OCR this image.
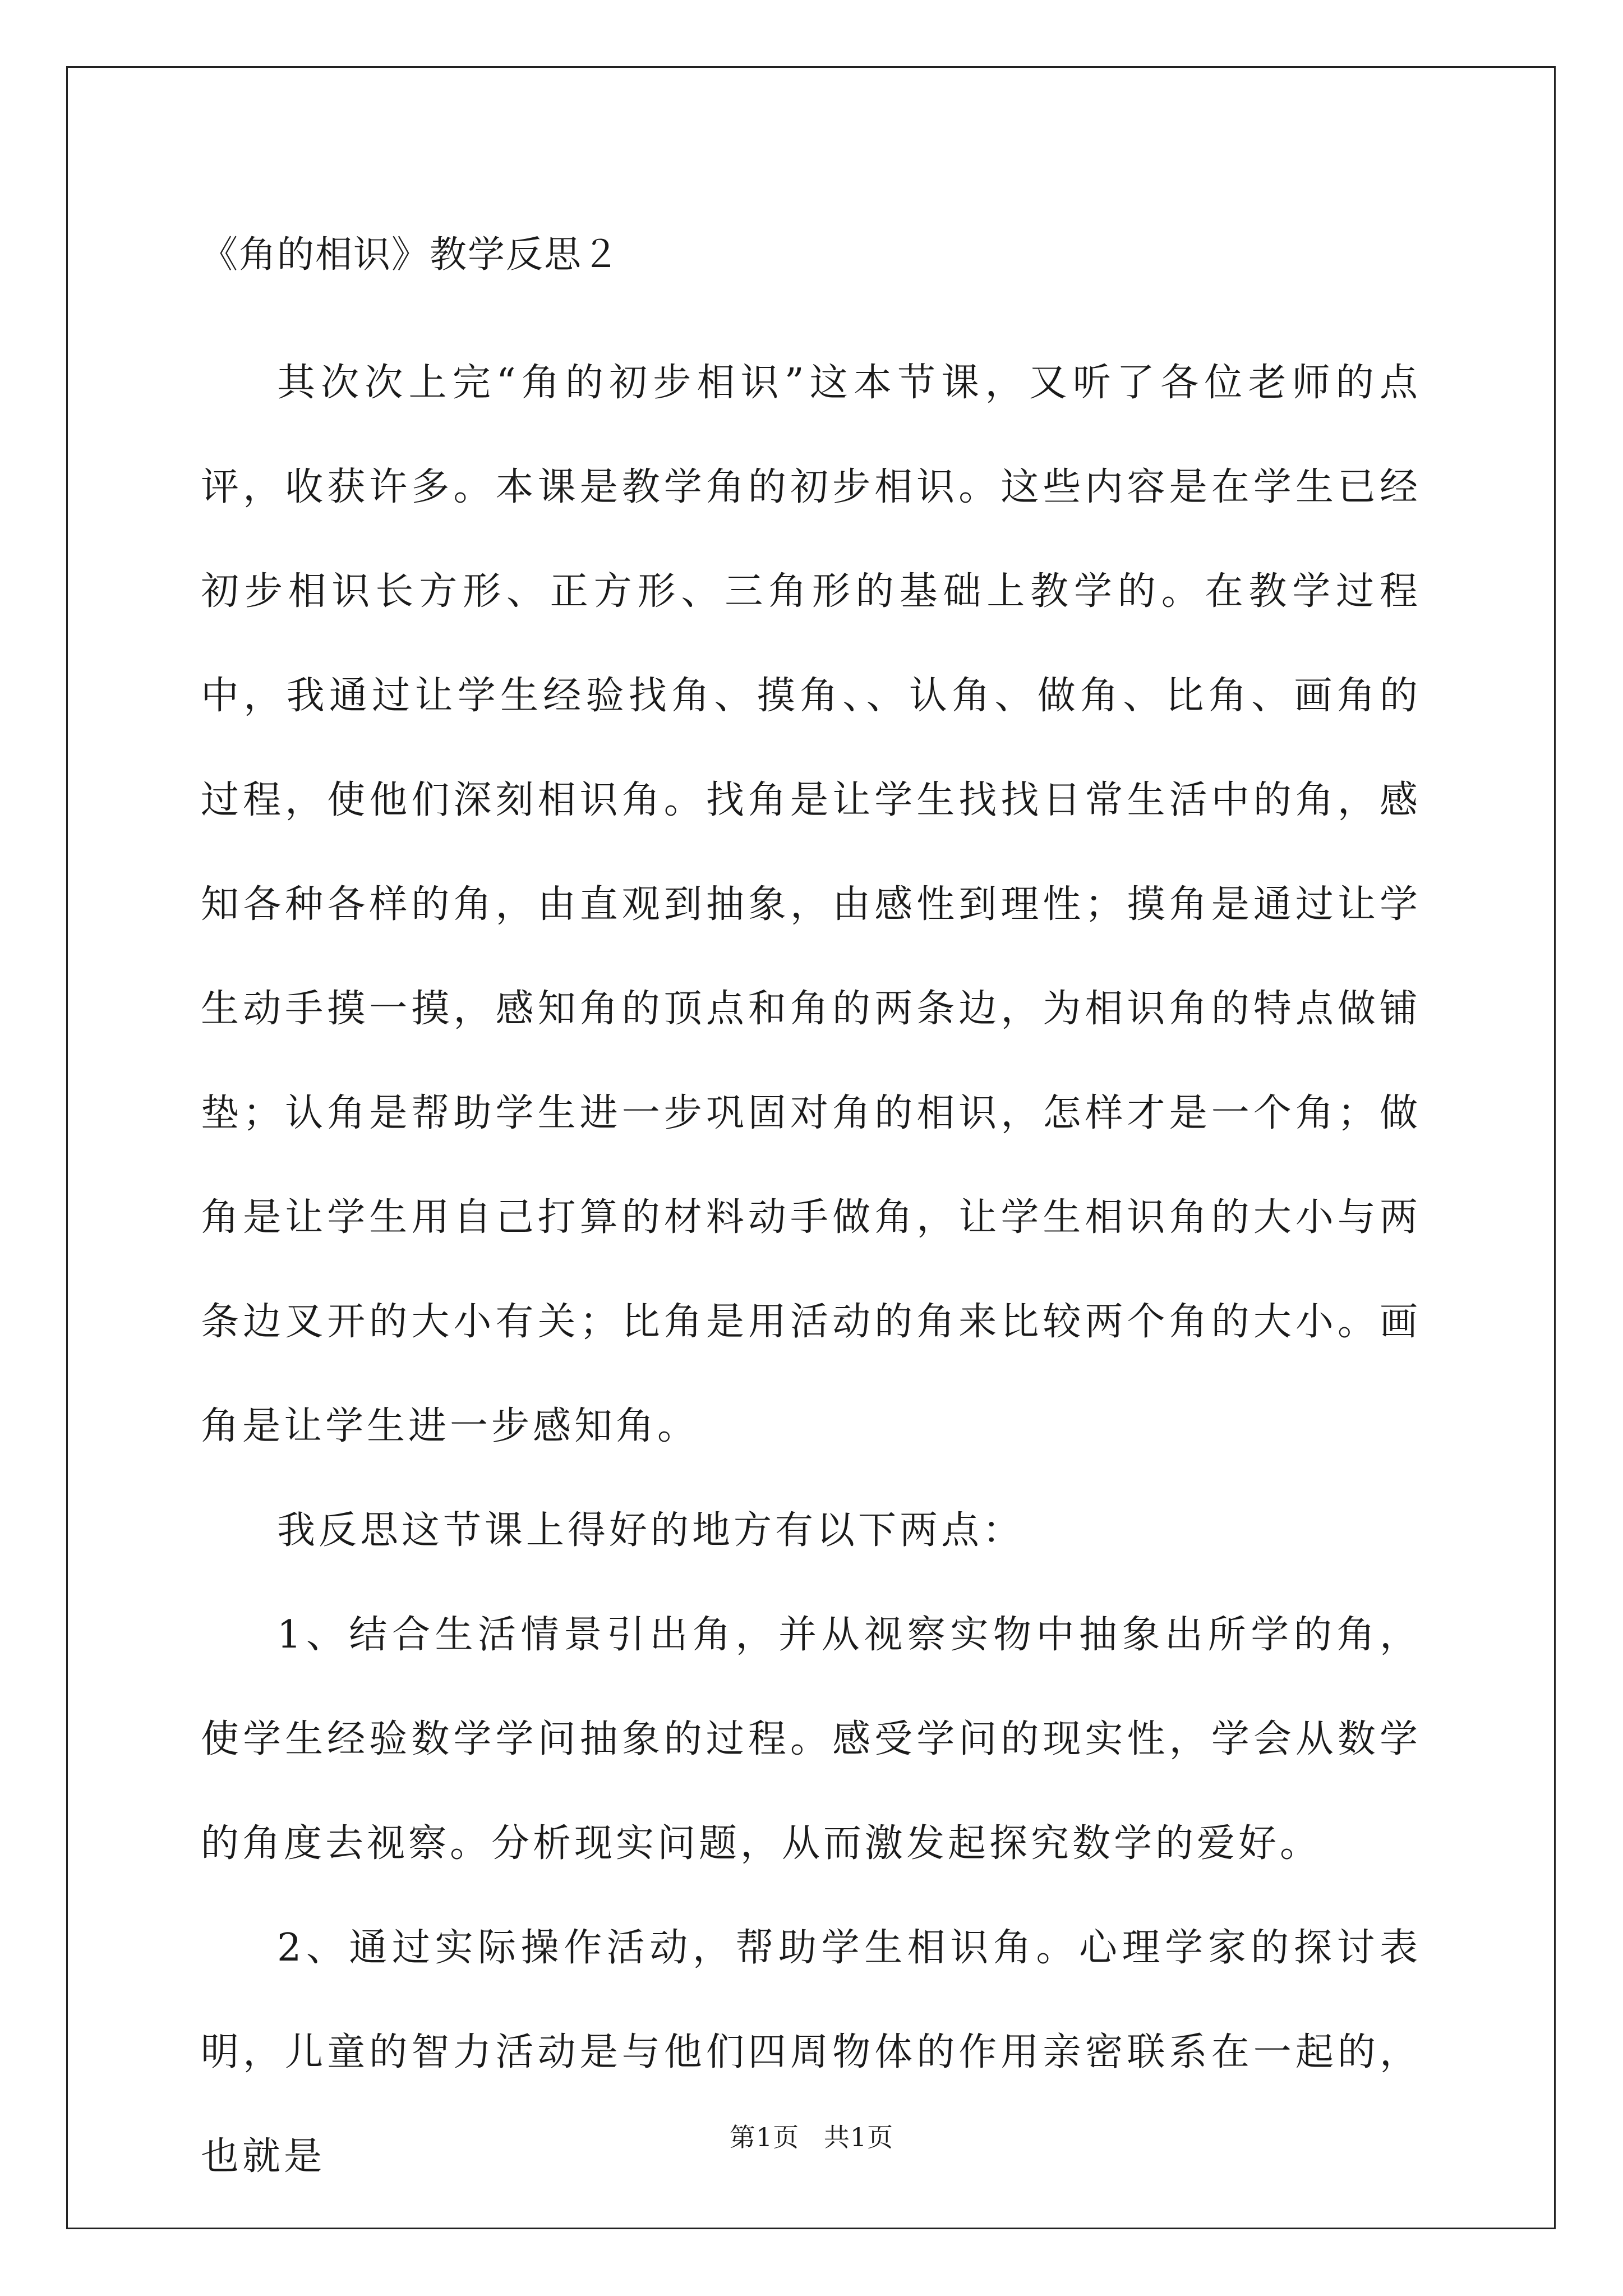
《角的相识》教学反思２

其次次上完“角的初步相识”这本节课，又听了各位老师的点评，收获许多。本课是教学角的初步相识。这些内容是在学生已经初步相识长方形、正方形、三角形的基础上教学的。在教学过程中，我通过让学生经验找角、摸角、、认角、做角、比角、画角的过程，使他们深刻相识角。找角是让学生找找日常生活中的角，感知各种各样的角，由直观到抽象，由感性到理性；摸角是通过让学生动手摸一摸，感知角的顶点和角的两条边，为相识角的特点做铺垫；认角是帮助学生进一步巩固对角的相识，怎样才是一个角；做角是让学生用自己打算的材料动手做角，让学生相识角的大小与两条边叉开的大小有关；比角是用活动的角来比较两个角的大小。画角是让学生进一步感知角。

我反思这节课上得好的地方有以下两点：

1、结合生活情景引出角，并从视察实物中抽象出所学的角，使学生经验数学学问抽象的过程。感受学问的现实性，学会从数学的角度去视察。分析现实问题，从而激发起探究数学的爱好。

2、通过实际操作活动，帮助学生相识角。心理学家的探讨表明，儿童的智力活动是与他们四周物体的作用亲密联系在一起的，也就是	第1页 共1页
